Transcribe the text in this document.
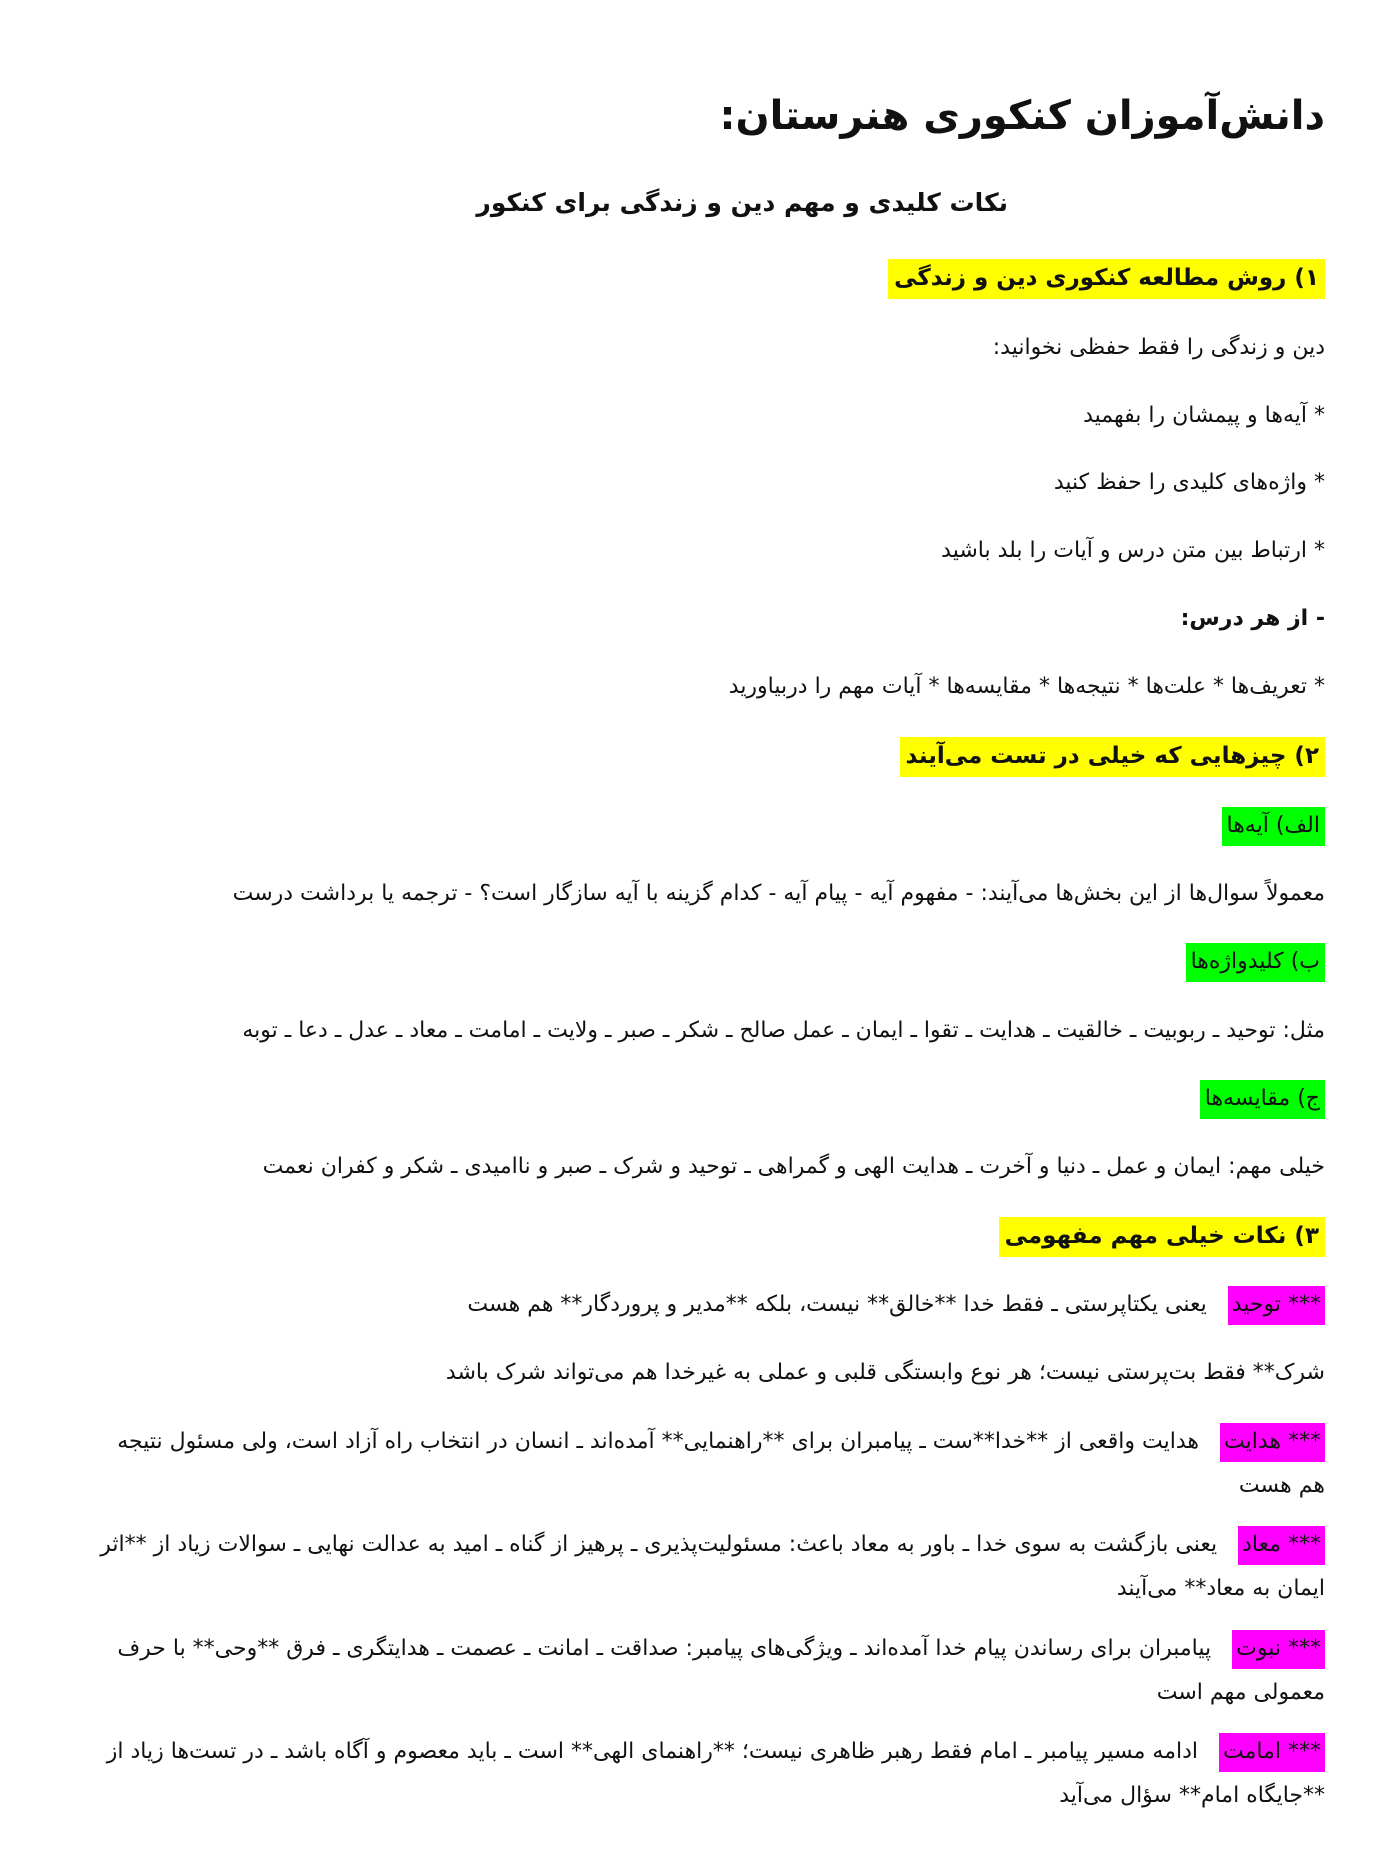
دانش‌آموزان کنکوری هنرستان:
نکات کلیدی و مهم دین و زندگی برای کنکور
۱) روش مطالعه کنکوری دین و زندگی
دین و زندگی را فقط حفظی نخوانید:
* آیه‌ها و پیمشان را بفهمید
* واژه‌های کلیدی را حفظ کنید
* ارتباط بین متن درس و آیات را بلد باشید
- از هر درس:
* تعریف‌ها * علت‌ها * نتیجه‌ها * مقایسه‌ها * آیات مهم را دربیاورید
۲) چیزهایی که خیلی در تست می‌آیند
الف) آیه‌ها
معمولاً سوال‌ها از این بخش‌ها می‌آیند: - مفهوم آیه - پیام آیه - کدام گزینه با آیه سازگار است؟ - ترجمه یا برداشت درست
ب) کلیدواژه‌ها
مثل: توحید ـ ربوبیت ـ خالقیت ـ هدایت ـ تقوا ـ ایمان ـ عمل صالح ـ شکر ـ صبر ـ ولایت ـ امامت ـ معاد ـ عدل ـ دعا ـ توبه
ج) مقایسه‌ها
خیلی مهم: ایمان و عمل ـ دنیا و آخرت ـ هدایت الهی و گمراهی ـ توحید و شرک ـ صبر و ناامیدی ـ شکر و کفران نعمت
۳) نکات خیلی مهم مفهومی
*** توحید یعنی یکتاپرستی ـ فقط خدا **خالق** نیست، بلکه **مدیر و پروردگار** هم هست
شرک** فقط بت‌پرستی نیست؛ هر نوع وابستگی قلبی و عملی به غیرخدا هم می‌تواند شرک باشد
*** هدایت هدایت واقعی از **خدا**ست ـ پیامبران برای **راهنمایی** آمده‌اند ـ انسان در انتخاب راه آزاد است، ولی مسئول نتیجه هم هست
*** معاد یعنی بازگشت به سوی خدا ـ باور به معاد باعث: مسئولیت‌پذیری ـ پرهیز از گناه ـ امید به عدالت نهایی ـ سوالات زیاد از **اثر ایمان به معاد** می‌آیند
*** نبوت پیامبران برای رساندن پیام خدا آمده‌اند ـ ویژگی‌های پیامبر: صداقت ـ امانت ـ عصمت ـ هدایتگری ـ فرق **وحی** با حرف معمولی مهم است
*** امامت ادامه مسیر پیامبر ـ امام فقط رهبر ظاهری نیست؛ **راهنمای الهی** است ـ باید معصوم و آگاه باشد ـ در تست‌ها زیاد از **جایگاه امام** سؤال می‌آید
